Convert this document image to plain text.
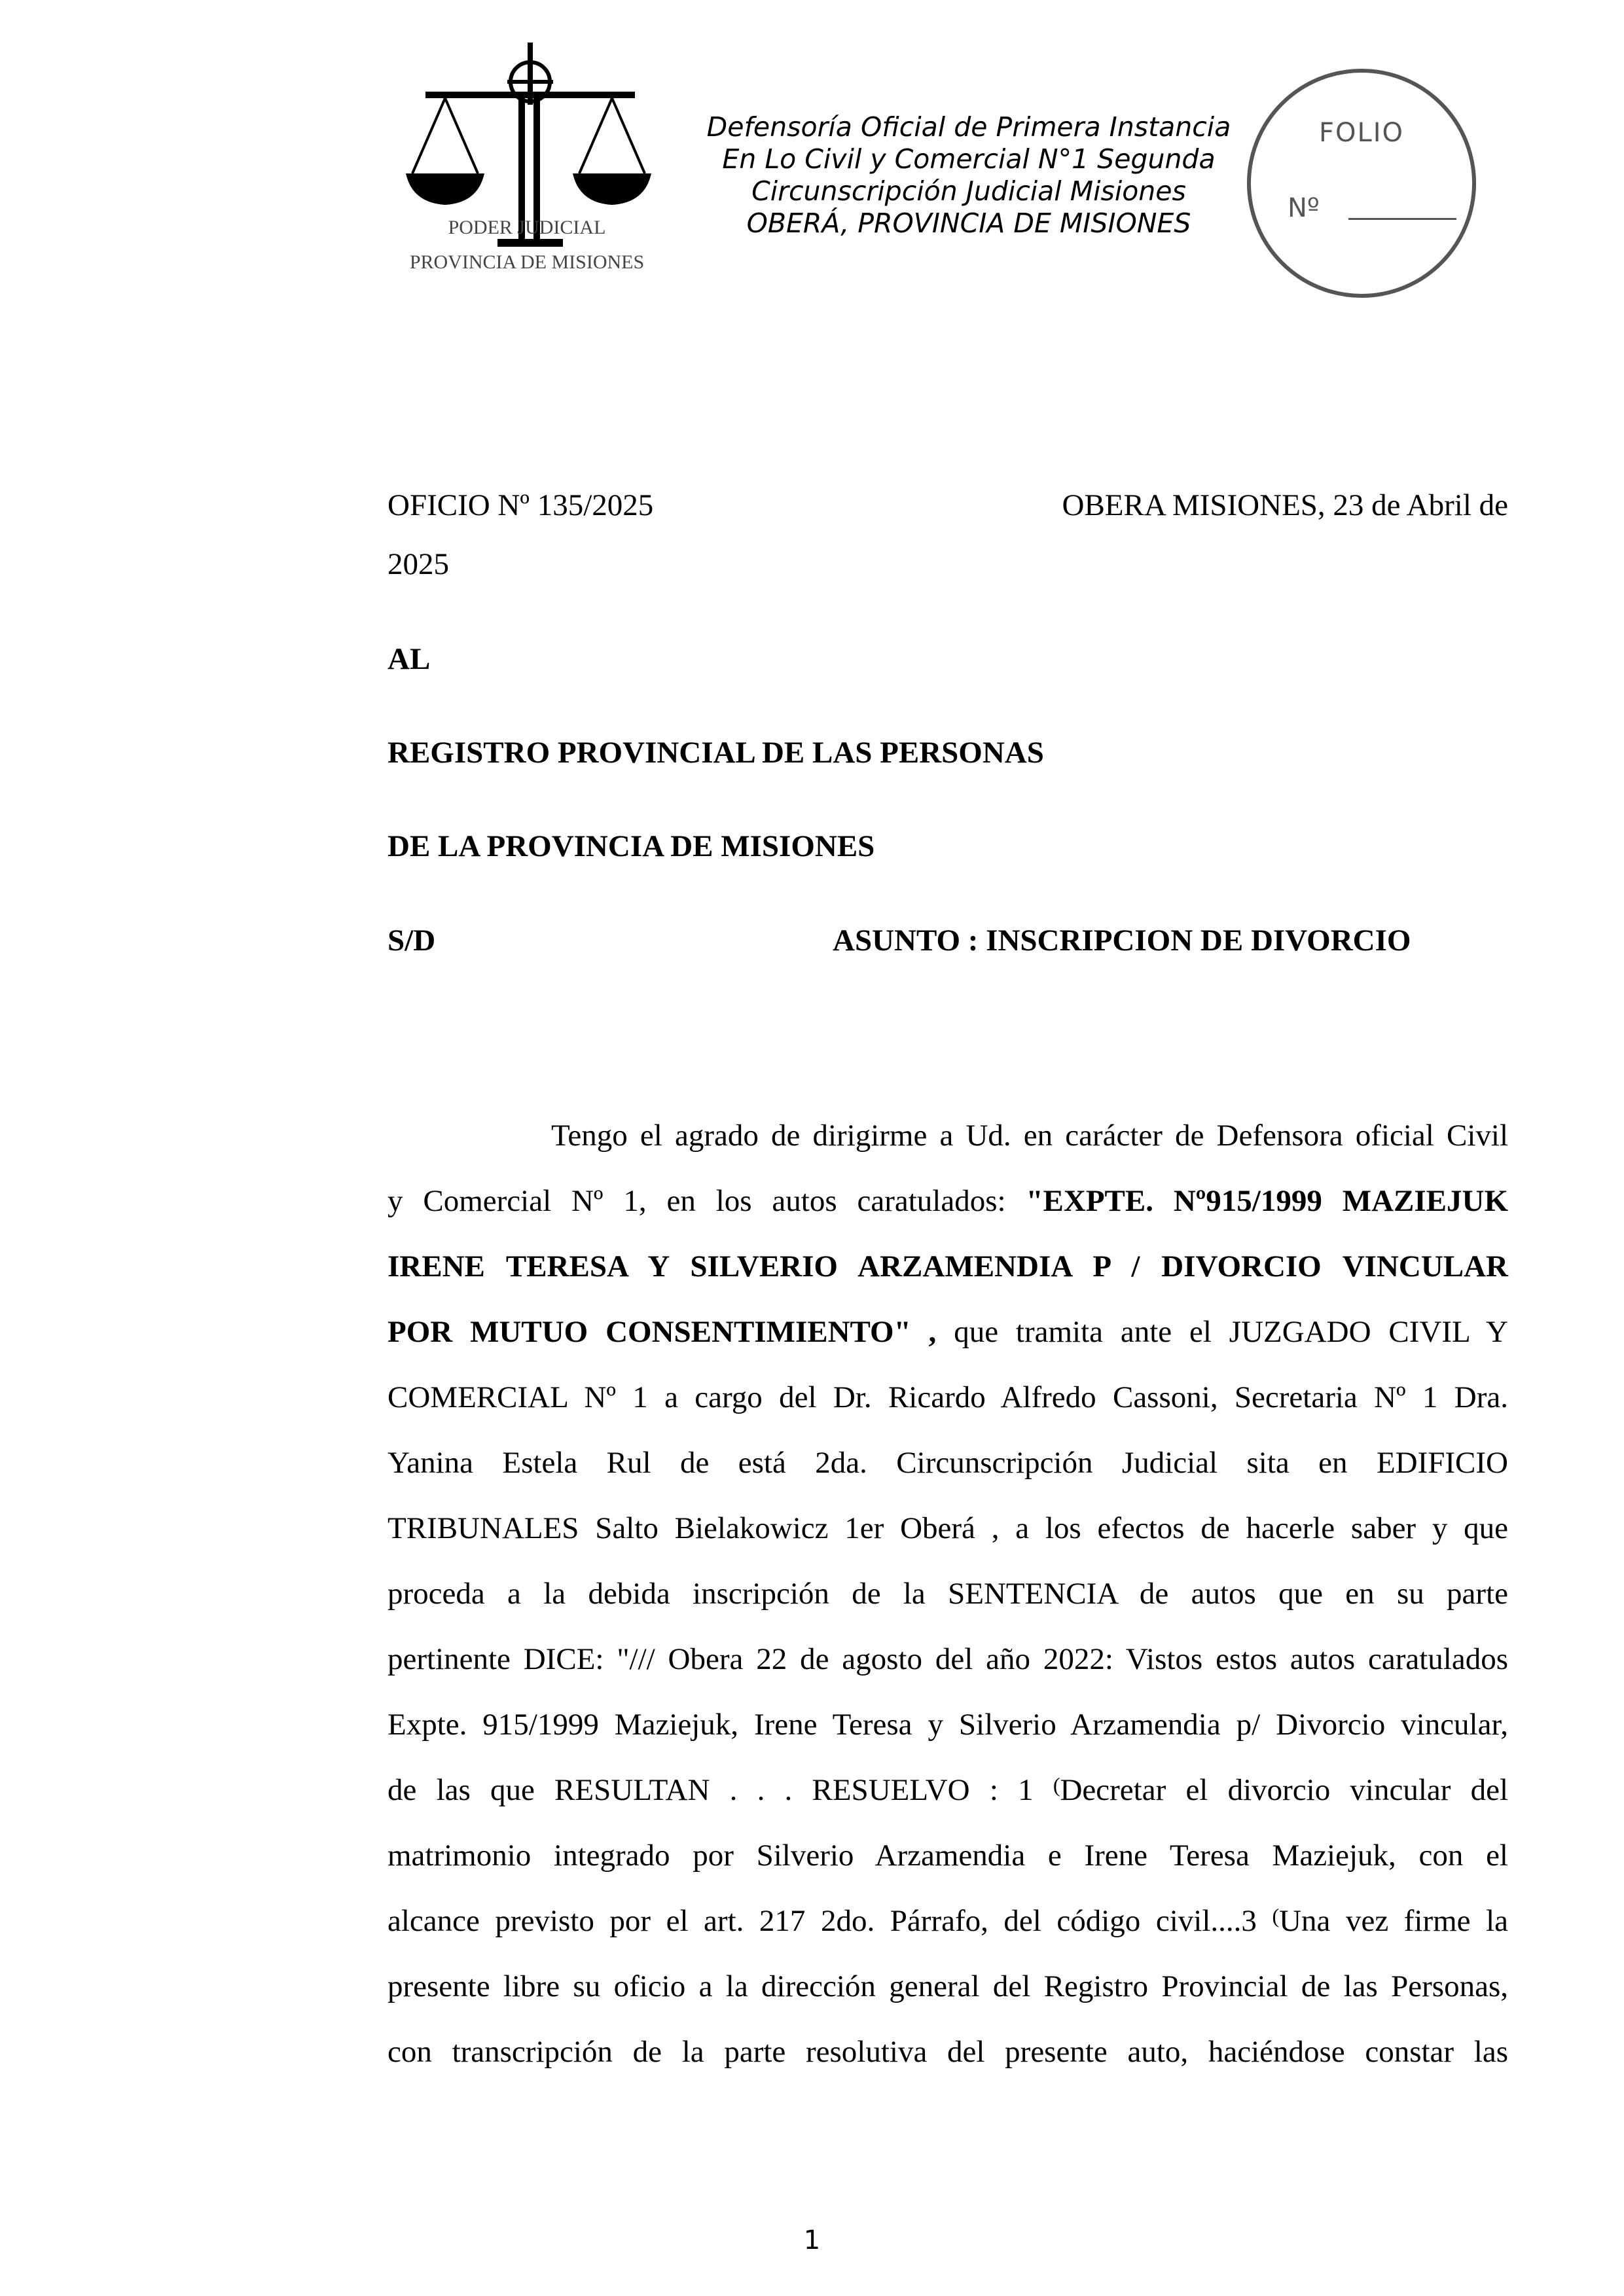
PODER JUDICIAL
PROVINCIA DE MISIONES
Defensoría Oficial de Primera Instancia
En Lo Civil y Comercial N°1 Segunda
Circunscripción Judicial Misiones
OBERÁ, PROVINCIA DE MISIONES
FOLIO
Nº
OFICIO Nº 135/2025	OBERA MISIONES, 23 de Abril de
2025
AL
REGISTRO PROVINCIAL DE LAS PERSONAS
DE LA PROVINCIA DE MISIONES
S/D	ASUNTO : INSCRIPCION DE DIVORCIO
Tengo el agrado de dirigirme a Ud. en carácter de Defensora oficial Civil
y Comercial Nº 1, en los autos caratulados: "EXPTE. Nº915/1999 MAZIEJUK
IRENE TERESA Y SILVERIO ARZAMENDIA P / DIVORCIO VINCULAR
POR MUTUO CONSENTIMIENTO" , que tramita ante el JUZGADO CIVIL Y
COMERCIAL Nº 1 a cargo del Dr. Ricardo Alfredo Cassoni, Secretaria Nº 1 Dra.
Yanina Estela Rul de está 2da. Circunscripción Judicial sita en EDIFICIO
TRIBUNALES Salto Bielakowicz 1er Oberá , a los efectos de hacerle saber y que
proceda a la debida inscripción de la SENTENCIA de autos que en su parte
pertinente DICE: "/// Obera 22 de agosto del año 2022: Vistos estos autos caratulados
Expte. 915/1999 Maziejuk, Irene Teresa y Silverio Arzamendia p/ Divorcio vincular,
de las que RESULTAN . . . RESUELVO : 1 (Decretar el divorcio vincular del
matrimonio integrado por Silverio Arzamendia e Irene Teresa Maziejuk, con el
alcance previsto por el art. 217 2do. Párrafo, del código civil....3 (Una vez firme la
presente libre su oficio a la dirección general del Registro Provincial de las Personas,
con transcripción de la parte resolutiva del presente auto, haciéndose constar las
1
